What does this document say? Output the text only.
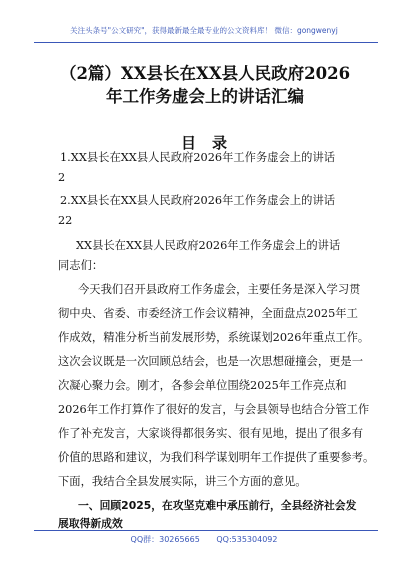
关注头条号"公文研究"，获得最新最全最专业的公文资料库！ 微信：gongwenyj
（2篇）XX县长在XX县人民政府2026
年工作务虚会上的讲话汇编
目录
1.XX县长在XX县人民政府2026年工作务虚会上的讲话
2
2.XX县长在XX县人民政府2026年工作务虚会上的讲话
22
XX县长在XX县人民政府2026年工作务虚会上的讲话
同志们：
今天我们召开县政府工作务虚会，主要任务是深入学习贯
彻中央、省委、市委经济工作会议精神，全面盘点2025年工
作成效，精准分析当前发展形势，系统谋划2026年重点工作。
这次会议既是一次回顾总结会，也是一次思想碰撞会，更是一
次凝心聚力会。刚才，各参会单位围绕2025年工作亮点和
2026年工作打算作了很好的发言，与会县领导也结合分管工作
作了补充发言，大家谈得都很务实、很有见地，提出了很多有
价值的思路和建议，为我们科学谋划明年工作提供了重要参考。
下面，我结合全县发展实际，讲三个方面的意见。
一、回顾2025，在攻坚克难中承压前行，全县经济社会发
展取得新成效
QQ群：30265665 QQ:535304092
